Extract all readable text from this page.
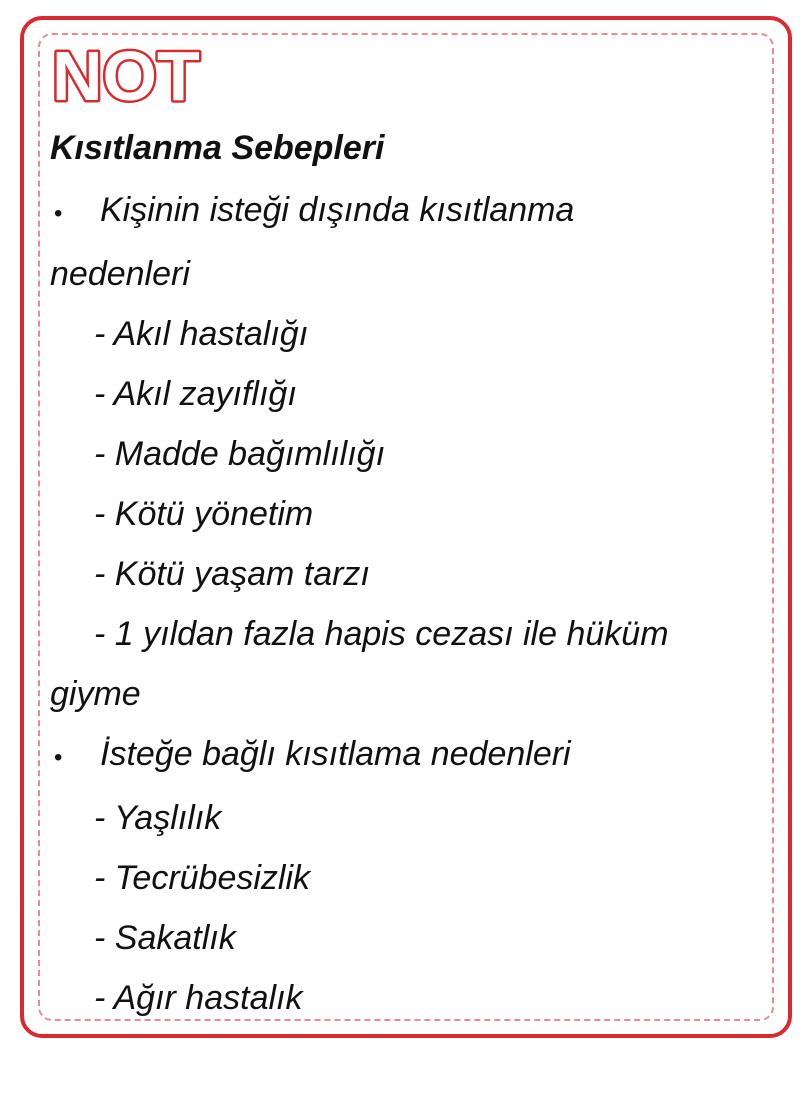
NOT
Kısıtlanma Sebepleri
•	Kişinin isteği dışında kısıtlanma
nedenleri
- Akıl hastalığı
- Akıl zayıflığı
- Madde bağımlılığı
- Kötü yönetim
- Kötü yaşam tarzı
- 1 yıldan fazla hapis cezası ile hüküm
giyme
•	İsteğe bağlı kısıtlama nedenleri
- Yaşlılık
- Tecrübesizlik
- Sakatlık
- Ağır hastalık
